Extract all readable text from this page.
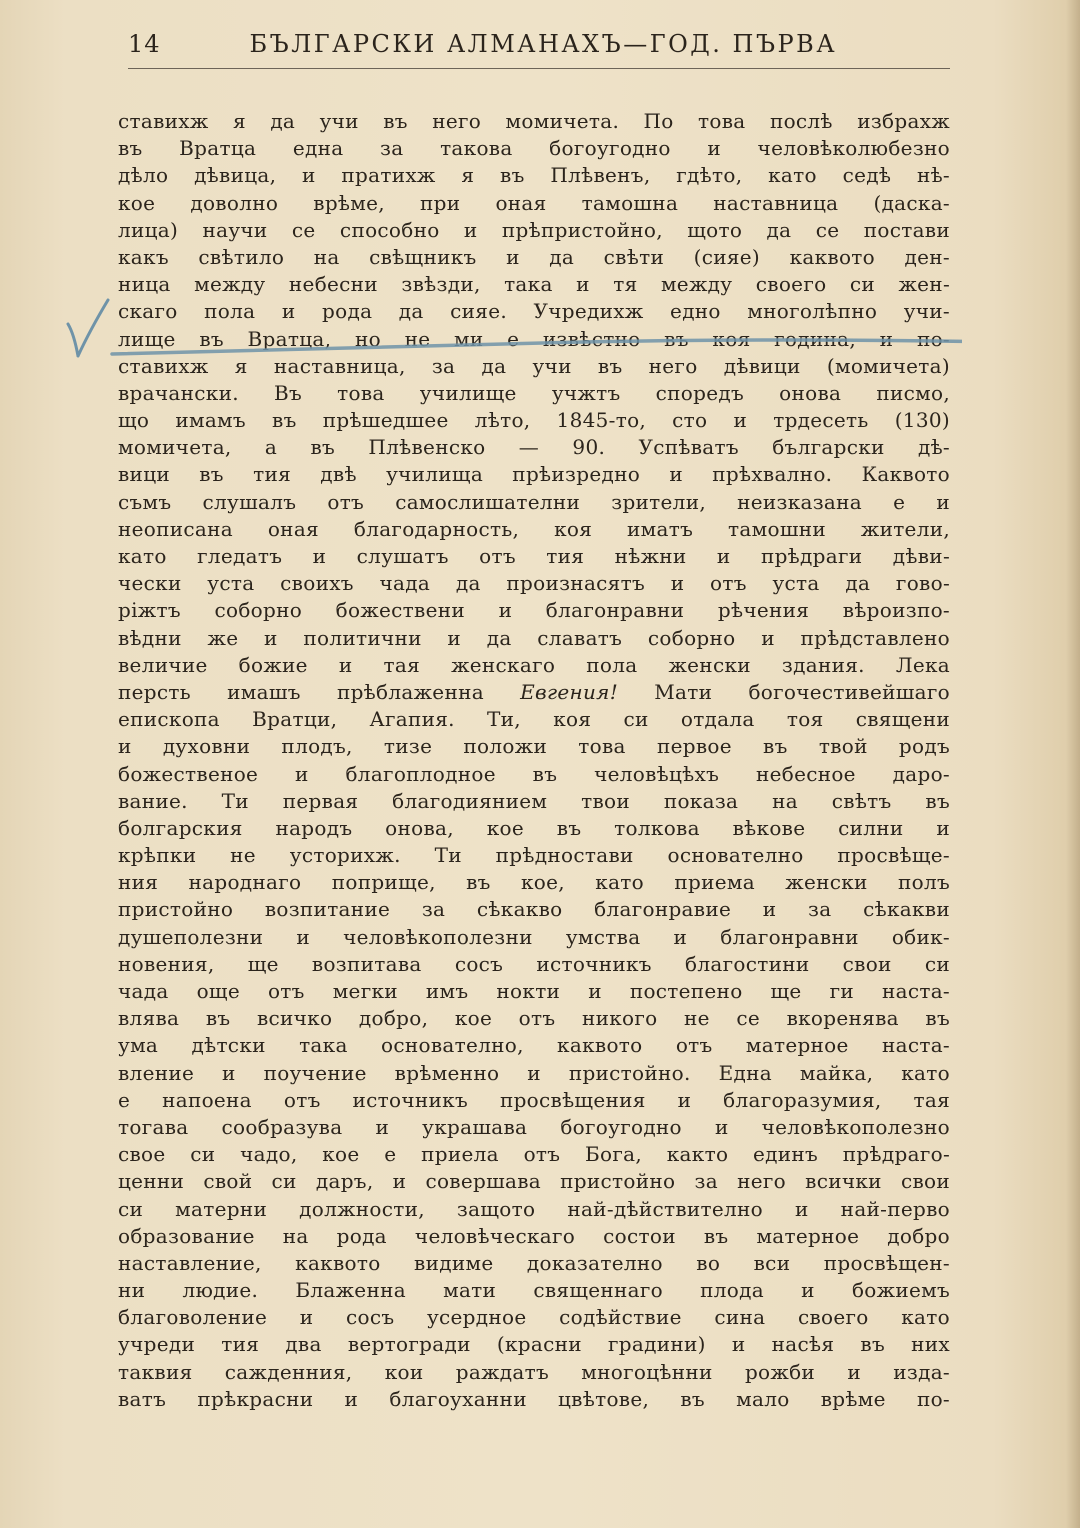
14	БЪЛГАРСКИ АЛМАНАХЪ—ГОД. ПЪРВА
ставихж я да учи въ него момичета. По това послѣ избрахж
въ Вратца една за такова богоугодно и человѣколюбезно
дѣло дѣвица, и пратихж я въ Плѣвенъ, гдѣто, като седѣ нѣ-
кое доволно врѣме, при оная тамошна наставница (даска-
лица) научи се способно и прѣпристойно, щото да се постави
какъ свѣтило на свѣщникъ и да свѣти (сияе) каквото ден-
ница между небесни звѣзди, така и тя между своего си жен-
скаго пола и рода да сияе. Учредихж едно многолѣпно учи-
лище въ Вратца, но не ми е извѣстно въ коя година, и по-
ставихж я наставница, за да учи въ него дѣвици (момичета)
врачански. Въ това училище учжтъ споредъ онова писмо,
що имамъ въ прѣшедшее лѣто, 1845-то, сто и трдесеть (130)
момичета, а въ Плѣвенско — 90. Успѣватъ български дѣ-
вици въ тия двѣ училища прѣизредно и прѣхвално. Каквото
съмъ слушалъ отъ самослишателни зрители, неизказана е и
неописана оная благодарность, коя иматъ тамошни жители,
като гледатъ и слушатъ отъ тия нѣжни и прѣдраги дѣви-
чески уста своихъ чада да произнасятъ и отъ уста да гово-
рiжтъ соборно божествени и благонравни рѣчения вѣроизпо-
вѣдни же и политични и да славатъ соборно и прѣдставлено
величие божие и тая женскаго пола женски здания. Лека
персть имашъ прѣблаженна Евгения! Мати богочестивейшаго
епископа Вратци, Агапия. Ти, коя си отдала тоя священи
и духовни плодъ, тизе положи това первое въ твой родъ
божественое и благоплодное въ человѣцѣхъ небесное даро-
вание. Ти первая благодиянием твои показа на свѣтъ въ
болгарския народъ онова, кое въ толкова вѣкове силни и
крѣпки не усторихж. Ти прѣдностави основателно просвѣще-
ния народнаго поприще, въ кое, като приема женски полъ
пристойно возпитание за сѣкакво благонравие и за сѣкакви
душеполезни и человѣкополезни умства и благонравни обик-
новения, ще возпитава сосъ источникъ благостини свои си
чада още отъ мегки имъ нокти и постепено ще ги наста-
влява въ всичко добро, кое отъ никого не се вкоренява въ
ума дѣтски така основателно, каквото отъ матерное наста-
вление и поучение врѣменно и пристойно. Една майка, като
е напоена отъ источникъ просвѣщения и благоразумия, тая
тогава сообразува и украшава богоугодно и человѣкополезно
свое си чадо, кое е приела отъ Бога, както единъ прѣдраго-
ценни свой си даръ, и совершава пристойно за него всички свои
си матерни должности, защото най-дѣйствително и най-перво
образование на рода человѣческаго состои въ матерное добро
наставление, каквото видиме доказателно во вси просвѣщен-
ни людие. Блаженна мати священнаго плода и божиемъ
благоволение и сосъ усердное содѣйствие сина своего като
учреди тия два вертогради (красни градини) и насѣя въ них
таквия сажденния, кои раждатъ многоцѣнни рожби и изда-
ватъ прѣкрасни и благоуханни цвѣтове, въ мало врѣме по-
